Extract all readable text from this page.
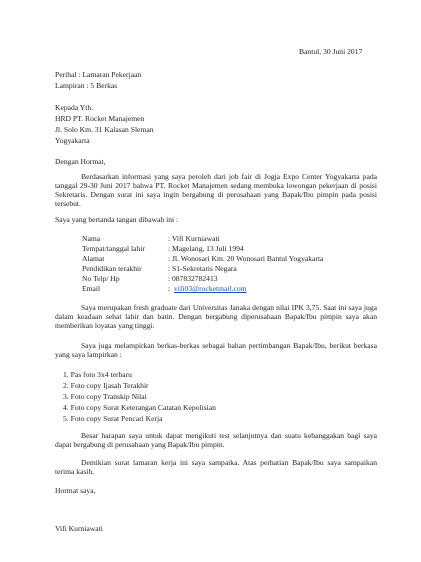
Bantul, 30 Juni 2017

Perihal : Lamaran Pekerjaan

Lampiran : 5 Berkas

Kepada Yth.

HRD PT. Rocket Manajemen

Jl. Solo Km. 31 Kalasan Sleman

Yogyakarta

Dengan Hormat,

Berdasarkan informasi yang saya peroleh dari job fair di Jogja Expo Center Yogyakarta pada tanggal 29-30 Juni 2017 bahwa PT. Rocket Manajemen sedang membuka lowongan pekerjaan di posisi Sekretaris. Dengan surat ini saya ingin bergabung di perusahaan yang Bapak/Ibu pimpin pada posisi tersebut.

Saya yang bertanda tangan dibawah ini :

Nama	: Vifi Kurniawati

Tempat/tanggal lahir	: Magelang, 13 Juli 1994

Alamat	: Jl. Wonosari Km. 20 Wonosari Bantul Yogyakarta

Pendidikan terakhir	: S1-Sekretaris Negara

No Telp/ Hp	: 087832782413

Email	: vifi03@rocketmail.com

Saya merupakan fresh graduate dari Universitas Janaka dengan nilai IPK 3,75. Saat ini saya juga dalam keadaan sehat lahir dan batin. Dengan bergabung diperusahaan Bapak/Ibu pimpin saya akan memberikan loyatas yang tinggi.

Saya juga melampirkan berkas-berkas sebagai bahan pertimbangan Bapak/Ibu, berikut berkasa yang saya lampirkan :

1. Pas foto 3x4 terbaru

2. Foto copy Ijasah Terakhir

3. Foto copy Transkip Nilai

4. Foto copy Surat Keterangan Catatan Kepolisian

5. Foto copy Surat Pencari Kerja

Besar harapan saya untuk dapat mengikuti test selanjutnya dan suatu kebanggakan bagi saya dapat bergabung di perusahaan yang Bapak/Ibu pimpin.

Demikian surat lamaran kerja ini saya sampaika. Atas perhatian Bapak/Ibu saya sampaikan terima kasih.

Hormat saya,

Vifi Kurniawati
